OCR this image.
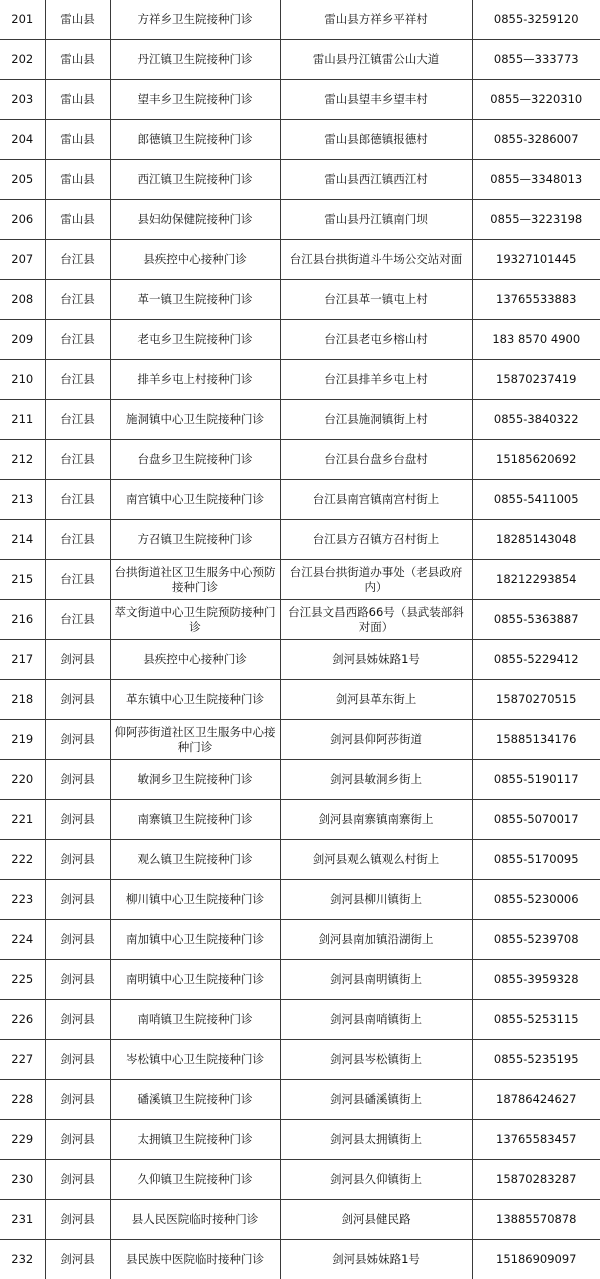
201	雷山县	方祥乡卫生院接种门诊	雷山县方祥乡平祥村	0855-3259120
202	雷山县	丹江镇卫生院接种门诊	雷山县丹江镇雷公山大道	0855—333773
203	雷山县	望丰乡卫生院接种门诊	雷山县望丰乡望丰村	0855—3220310
204	雷山县	郎德镇卫生院接种门诊	雷山县郎德镇报德村	0855-3286007
205	雷山县	西江镇卫生院接种门诊	雷山县西江镇西江村	0855—3348013
206	雷山县	县妇幼保健院接种门诊	雷山县丹江镇南门坝	0855—3223198
207	台江县	县疾控中心接种门诊	台江县台拱街道斗牛场公交站对面	19327101445
208	台江县	革一镇卫生院接种门诊	台江县革一镇屯上村	13765533883
209	台江县	老屯乡卫生院接种门诊	台江县老屯乡榕山村	183 8570 4900
210	台江县	排羊乡屯上村接种门诊	台江县排羊乡屯上村	15870237419
211	台江县	施洞镇中心卫生院接种门诊	台江县施洞镇街上村	0855-3840322
212	台江县	台盘乡卫生院接种门诊	台江县台盘乡台盘村	15185620692
213	台江县	南宫镇中心卫生院接种门诊	台江县南宫镇南宫村街上	0855-5411005
214	台江县	方召镇卫生院接种门诊	台江县方召镇方召村街上	18285143048
215	台江县	台拱街道社区卫生服务中心预防接种门诊	台江县台拱街道办事处（老县政府内）	18212293854
216	台江县	萃文街道中心卫生院预防接种门诊	台江县文昌西路66号（县武装部斜对面）	0855-5363887
217	剑河县	县疾控中心接种门诊	剑河县姊妹路1号	0855-5229412
218	剑河县	革东镇中心卫生院接种门诊	剑河县革东街上	15870270515
219	剑河县	仰阿莎街道社区卫生服务中心接种门诊	剑河县仰阿莎街道	15885134176
220	剑河县	敏洞乡卫生院接种门诊	剑河县敏洞乡街上	0855-5190117
221	剑河县	南寨镇卫生院接种门诊	剑河县南寨镇南寨街上	0855-5070017
222	剑河县	观么镇卫生院接种门诊	剑河县观么镇观么村街上	0855-5170095
223	剑河县	柳川镇中心卫生院接种门诊	剑河县柳川镇街上	0855-5230006
224	剑河县	南加镇中心卫生院接种门诊	剑河县南加镇沿湖街上	0855-5239708
225	剑河县	南明镇中心卫生院接种门诊	剑河县南明镇街上	0855-3959328
226	剑河县	南哨镇卫生院接种门诊	剑河县南哨镇街上	0855-5253115
227	剑河县	岑松镇中心卫生院接种门诊	剑河县岑松镇街上	0855-5235195
228	剑河县	磻溪镇卫生院接种门诊	剑河县磻溪镇街上	18786424627
229	剑河县	太拥镇卫生院接种门诊	剑河县太拥镇街上	13765583457
230	剑河县	久仰镇卫生院接种门诊	剑河县久仰镇街上	15870283287
231	剑河县	县人民医院临时接种门诊	剑河县健民路	13885570878
232	剑河县	县民族中医院临时接种门诊	剑河县姊妹路1号	15186909097
